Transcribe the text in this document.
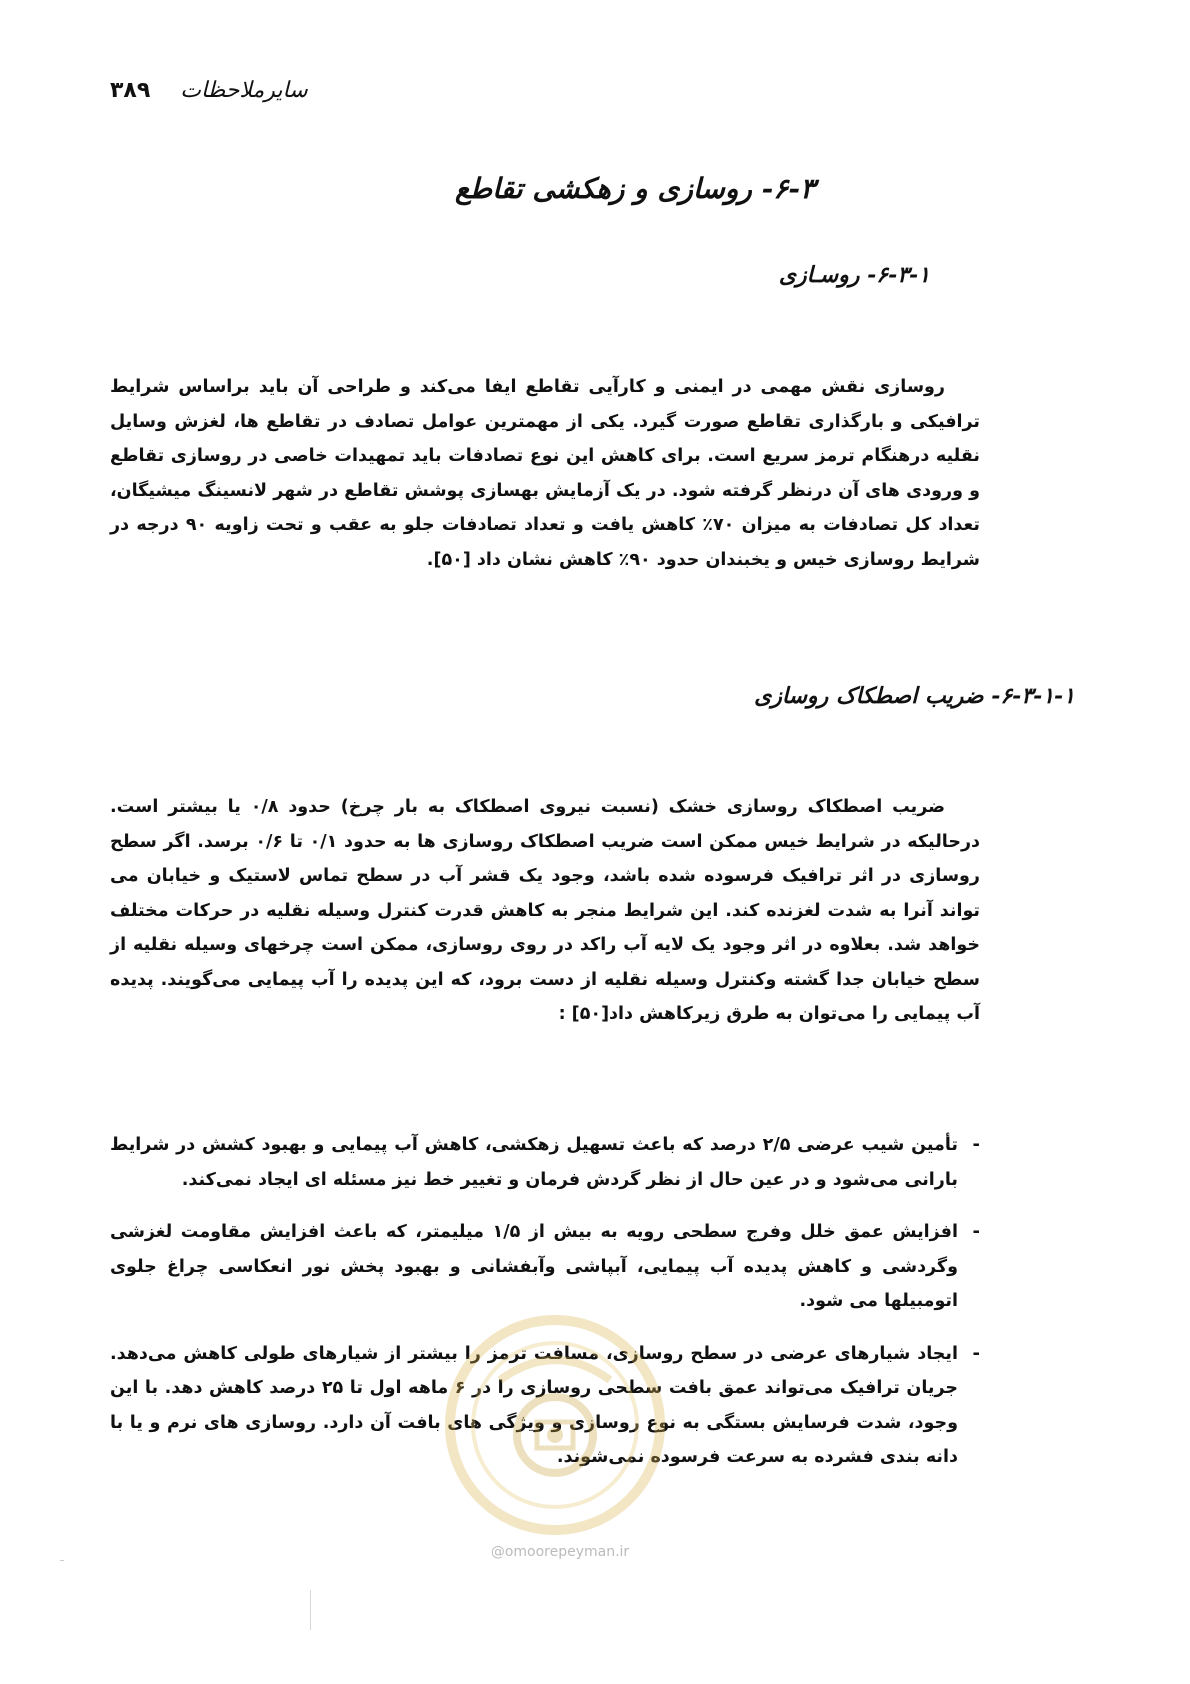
۳۸۹ سایرملاحظات
۶-۳- روسازی و زهکشی تقاطع
۶-۳-۱- روسـازی

روسازی نقش مهمی در ایمنی و کارآیی تقاطع ایفا می‌کند و طراحی آن باید براساس شرایط ترافیکی و بارگذاری تقاطع صورت گیرد. یکی از مهمترین عوامل تصادف در تقاطع ها، لغزش وسایل نقلیه درهنگام ترمز سریع است. برای کاهش این نوع تصادفات باید تمهیدات خاصی در روسازی تقاطع و ورودی های آن درنظر گرفته شود. در یک آزمایش بهسازی پوشش تقاطع در شهر لانسینگ میشیگان، تعداد کل تصادفات به میزان ۷۰٪ کاهش یافت و تعداد تصادفات جلو به عقب و تحت زاویه ۹۰ درجه در شرایط روسازی خیس و یخبندان حدود ۹۰٪ کاهش نشان داد [۵۰].

۶-۳-۱-۱- ضریب اصطکاک روسازی

ضریب اصطکاک روسازی خشک (نسبت نیروی اصطکاک به بار چرخ) حدود ۰/۸ یا بیشتر است. درحالیکه در شرایط خیس ممکن است ضریب اصطکاک روسازی ها به حدود ۰/۱ تا ۰/۶ برسد. اگر سطح روسازی در اثر ترافیک فرسوده شده باشد، وجود یک قشر آب در سطح تماس لاستیک و خیابان می تواند آنرا به شدت لغزنده کند. این شرایط منجر به کاهش قدرت کنترل وسیله نقلیه در حرکات مختلف خواهد شد. بعلاوه در اثر وجود یک لایه آب راکد در روی روسازی، ممکن است چرخهای وسیله نقلیه از سطح خیابان جدا گشته وکنترل وسیله نقلیه از دست برود، که این پدیده را آب پیمایی می‌گویند. پدیده آب پیمایی را می‌توان به طرق زیرکاهش داد[۵۰] :

-
تأمین شیب عرضی ۲/۵ درصد که باعث تسهیل زهکشی، کاهش آب پیمایی و بهبود کشش در شرایط بارانی می‌شود و در عین حال از نظر گردش فرمان و تغییر خط نیز مسئله ای ایجاد نمی‌کند.
-
افزایش عمق خلل وفرج سطحی رویه به بیش از ۱/۵ میلیمتر، که باعث افزایش مقاومت لغزشی وگردشی و کاهش پدیده آب پیمایی، آبپاشی وآبفشانی و بهبود پخش نور انعکاسی چراغ جلوی اتومبیلها می شود.
-
ایجاد شیارهای عرضی در سطح روسازی، مسافت ترمز را بیشتر از شیارهای طولی کاهش می‌دهد. جریان ترافیک می‌تواند عمق بافت سطحی روسازی را در ۶ ماهه اول تا ۲۵ درصد کاهش دهد. با این وجود، شدت فرسایش بستگی به نوع روسازی و ویژگی های بافت آن دارد. روسازی های نرم و یا با دانه بندی فشرده به سرعت فرسوده نمی‌شوند.
@omoorepeyman.ir
